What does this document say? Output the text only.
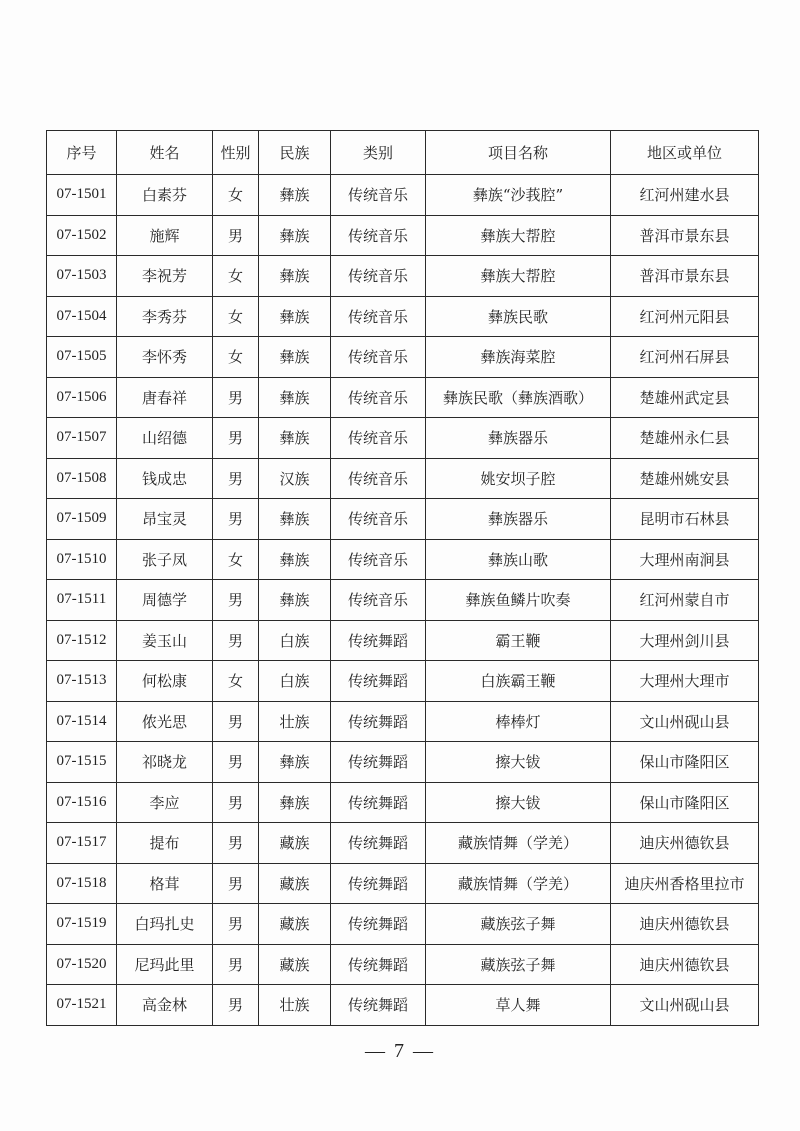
序号	姓名	性别	民族	类别	项目名称	地区或单位
07-1501	白素芬	女	彝族	传统音乐	彝族“沙莪腔”	红河州建水县
07-1502	施辉	男	彝族	传统音乐	彝族大帮腔	普洱市景东县
07-1503	李祝芳	女	彝族	传统音乐	彝族大帮腔	普洱市景东县
07-1504	李秀芬	女	彝族	传统音乐	彝族民歌	红河州元阳县
07-1505	李怀秀	女	彝族	传统音乐	彝族海菜腔	红河州石屏县
07-1506	唐春祥	男	彝族	传统音乐	彝族民歌（彝族酒歌）	楚雄州武定县
07-1507	山绍德	男	彝族	传统音乐	彝族器乐	楚雄州永仁县
07-1508	钱成忠	男	汉族	传统音乐	姚安坝子腔	楚雄州姚安县
07-1509	昂宝灵	男	彝族	传统音乐	彝族器乐	昆明市石林县
07-1510	张子凤	女	彝族	传统音乐	彝族山歌	大理州南涧县
07-1511	周德学	男	彝族	传统音乐	彝族鱼鳞片吹奏	红河州蒙自市
07-1512	姜玉山	男	白族	传统舞蹈	霸王鞭	大理州剑川县
07-1513	何松康	女	白族	传统舞蹈	白族霸王鞭	大理州大理市
07-1514	侬光思	男	壮族	传统舞蹈	棒棒灯	文山州砚山县
07-1515	祁晓龙	男	彝族	传统舞蹈	擦大钹	保山市隆阳区
07-1516	李应	男	彝族	传统舞蹈	擦大钹	保山市隆阳区
07-1517	提布	男	藏族	传统舞蹈	藏族情舞（学羌）	迪庆州德钦县
07-1518	格茸	男	藏族	传统舞蹈	藏族情舞（学羌）	迪庆州香格里拉市
07-1519	白玛扎史	男	藏族	传统舞蹈	藏族弦子舞	迪庆州德钦县
07-1520	尼玛此里	男	藏族	传统舞蹈	藏族弦子舞	迪庆州德钦县
07-1521	高金林	男	壮族	传统舞蹈	草人舞	文山州砚山县
— 7 —
